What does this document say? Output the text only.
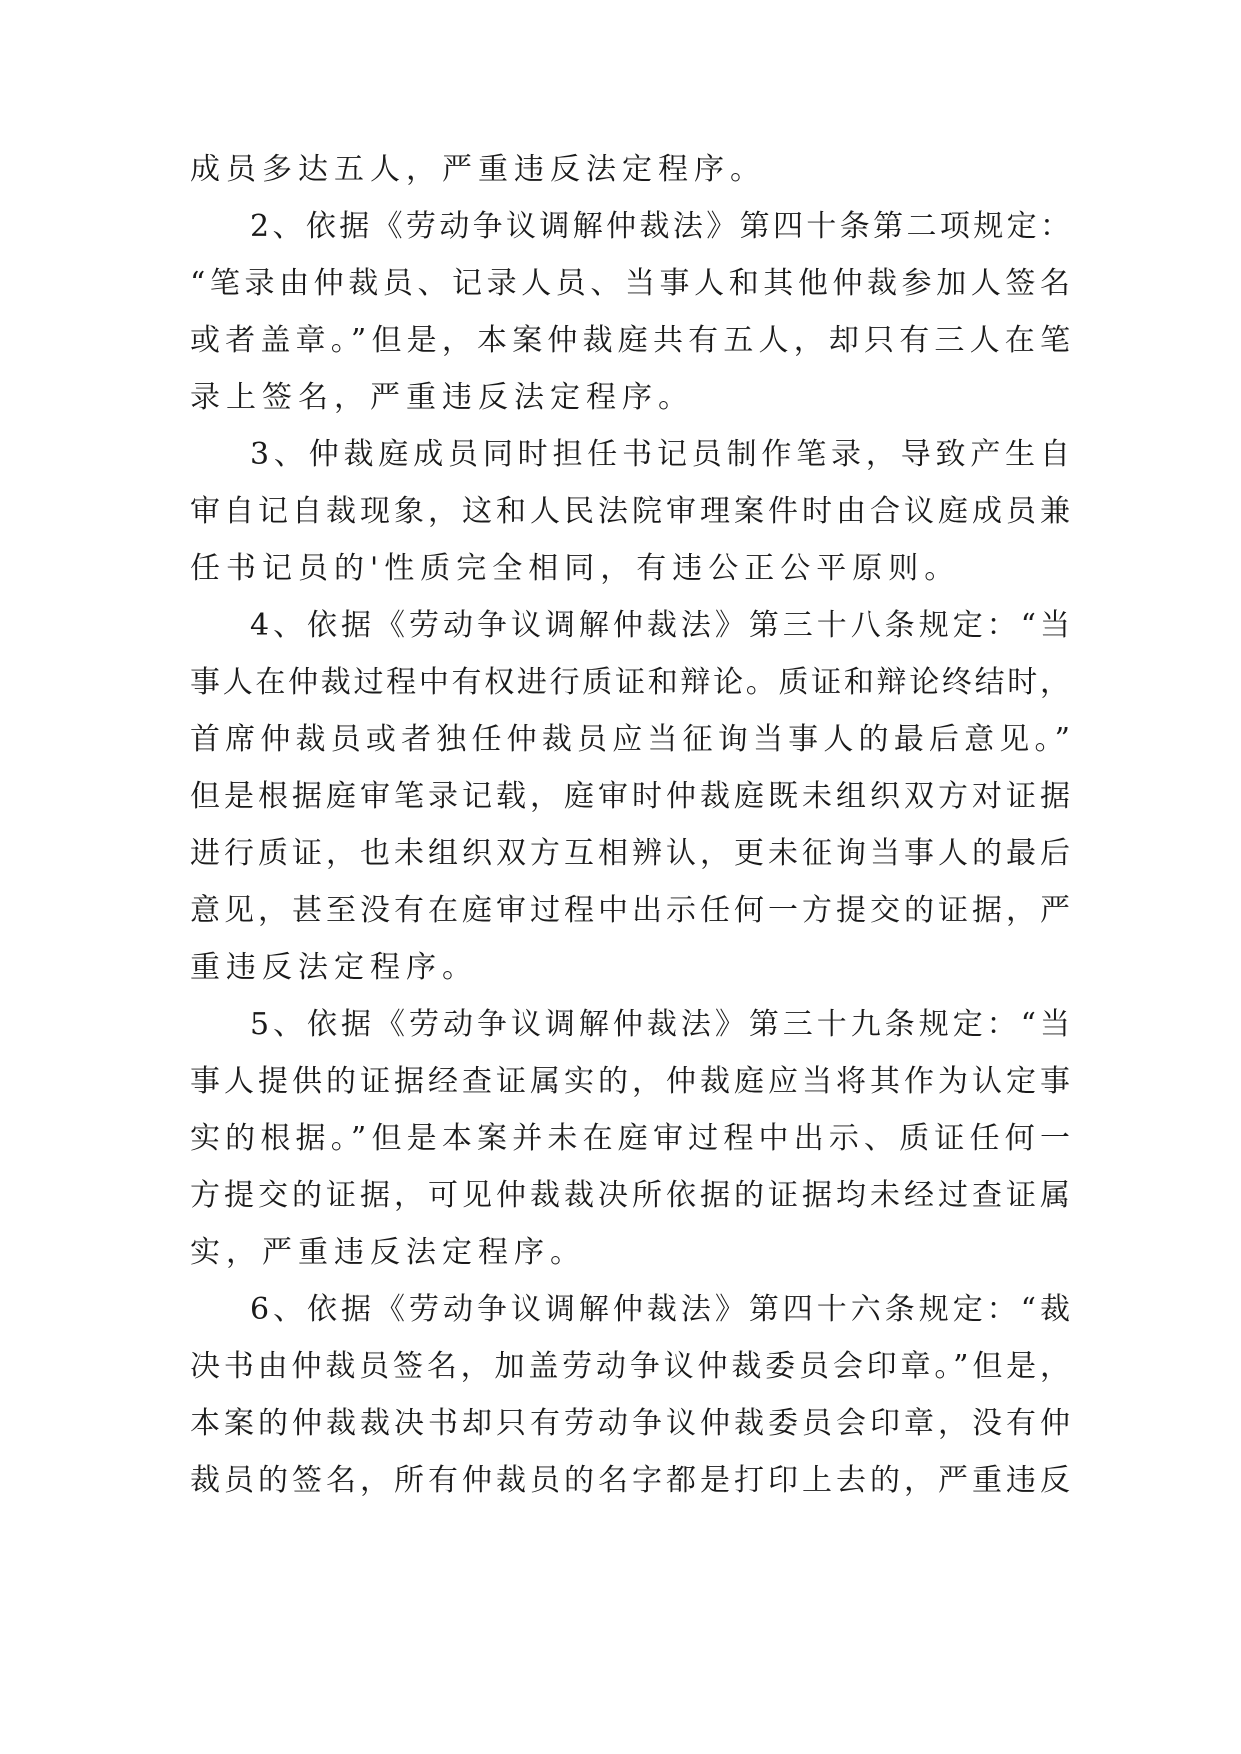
成员多达五人，严重违反法定程序。
2、依据《劳动争议调解仲裁法》第四十条第二项规定：
“笔录由仲裁员、记录人员、当事人和其他仲裁参加人签名
或者盖章。”但是，本案仲裁庭共有五人，却只有三人在笔
录上签名，严重违反法定程序。
3、仲裁庭成员同时担任书记员制作笔录，导致产生自
审自记自裁现象，这和人民法院审理案件时由合议庭成员兼
任书记员的'性质完全相同，有违公正公平原则。
4、依据《劳动争议调解仲裁法》第三十八条规定：“当
事人在仲裁过程中有权进行质证和辩论。质证和辩论终结时，
首席仲裁员或者独任仲裁员应当征询当事人的最后意见。”
但是根据庭审笔录记载，庭审时仲裁庭既未组织双方对证据
进行质证，也未组织双方互相辨认，更未征询当事人的最后
意见，甚至没有在庭审过程中出示任何一方提交的证据，严
重违反法定程序。
5、依据《劳动争议调解仲裁法》第三十九条规定：“当
事人提供的证据经查证属实的，仲裁庭应当将其作为认定事
实的根据。”但是本案并未在庭审过程中出示、质证任何一
方提交的证据，可见仲裁裁决所依据的证据均未经过查证属
实，严重违反法定程序。
6、依据《劳动争议调解仲裁法》第四十六条规定：“裁
决书由仲裁员签名，加盖劳动争议仲裁委员会印章。”但是，
本案的仲裁裁决书却只有劳动争议仲裁委员会印章，没有仲
裁员的签名，所有仲裁员的名字都是打印上去的，严重违反
